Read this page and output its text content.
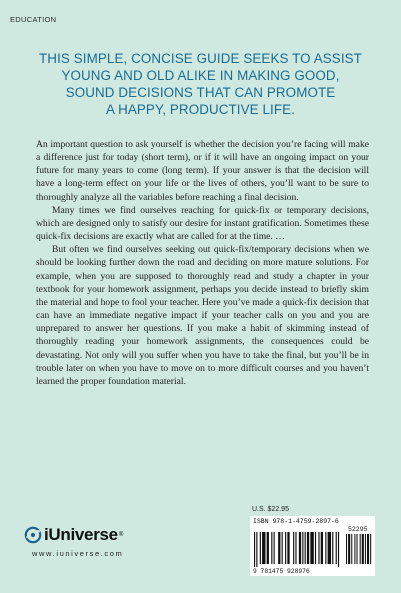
EDUCATION
THIS SIMPLE, CONCISE GUIDE SEEKS TO ASSIST
YOUNG AND OLD ALIKE IN MAKING GOOD,
SOUND DECISIONS THAT CAN PROMOTE
A HAPPY, PRODUCTIVE LIFE.

An important question to ask yourself is whether the decision you’re facing will make a difference just for today (short term), or if it will have an ongoing impact on your future for many years to come (long term). If your answer is that the decision will have a long-term effect on your life or the lives of others, you’ll want to be sure to thoroughly analyze all the variables before reaching a final decision.

Many times we find ourselves reaching for quick-fix or temporary decisions, which are designed only to satisfy our desire for instant gratification. Sometimes these quick-fix decisions are exactly what are called for at the time. …

But often we find ourselves seeking out quick-fix/temporary decisions when we should be looking further down the road and deciding on more mature solutions. For example, when you are supposed to thoroughly read and study a chapter in your textbook for your homework assignment, perhaps you decide instead to briefly skim the material and hope to fool your teacher. Here you’ve made a quick-fix decision that can have an immediate negative impact if your teacher calls on you and you are unprepared to answer her questions. If you make a habit of skimming instead of thoroughly reading your homework assignments, the consequences could be devastating. Not only will you suffer when you have to take the final, but you’ll be in trouble later on when you have to move on to more difficult courses and you haven’t learned the proper foundation material.

iUniverse ®
www.iuniverse.com
U.S. $22.95
ISBN 978-1-4759-2897-6
52295
9 781475 928976
